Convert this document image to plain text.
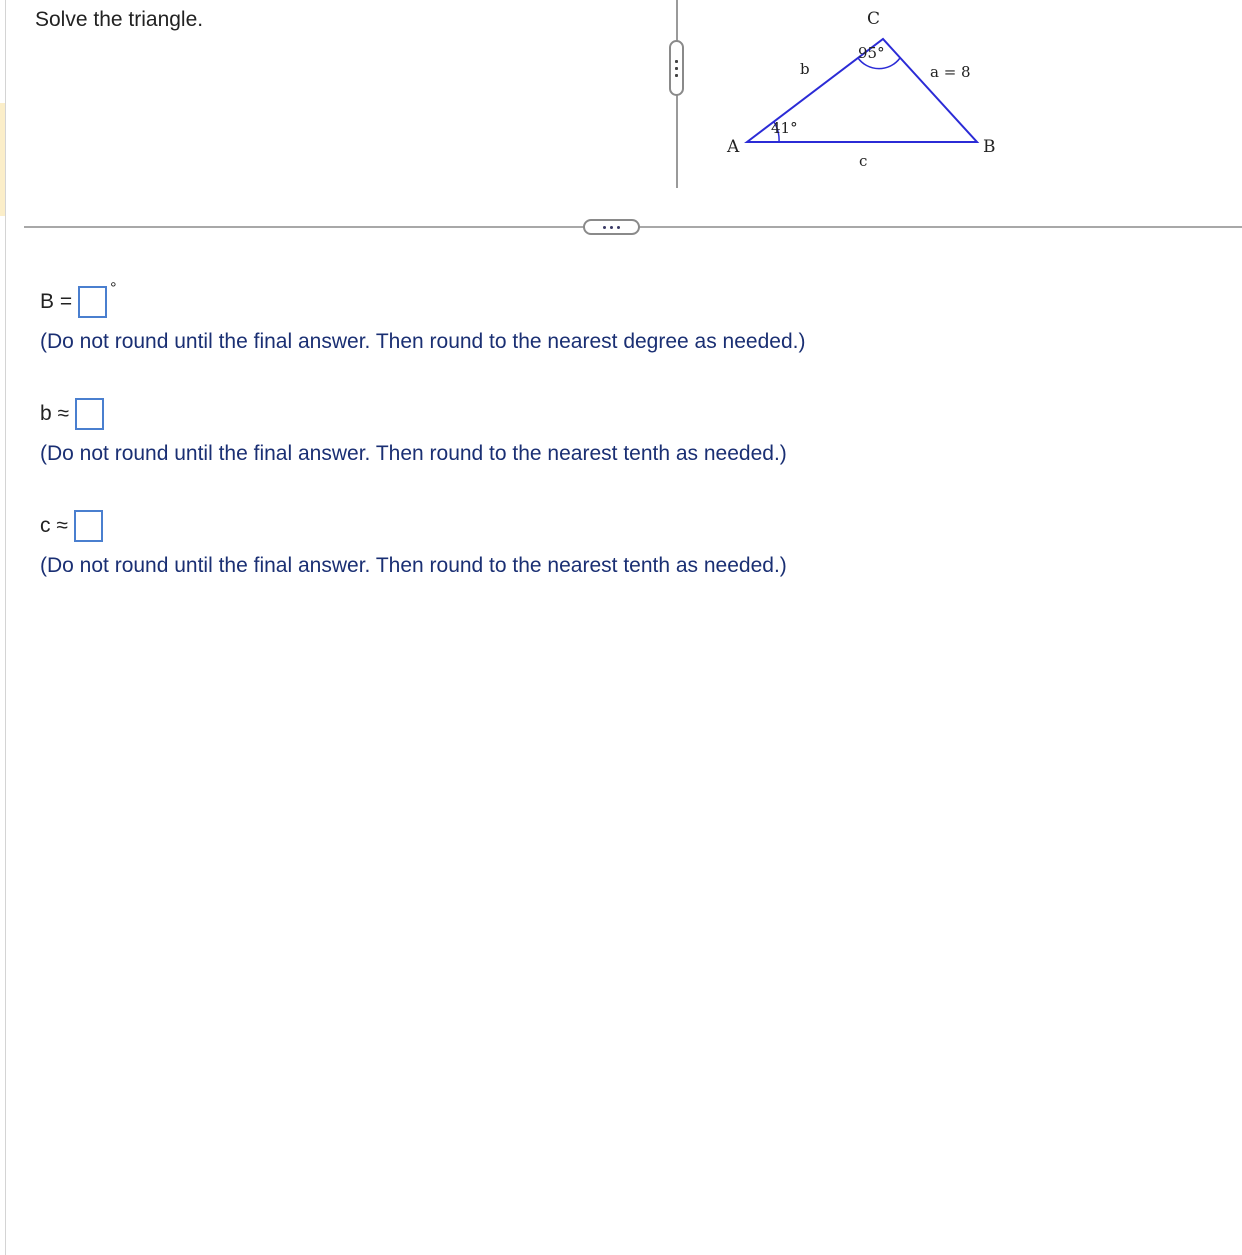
Solve the triangle.
A	B
C
b	a = 8
c
41°
95°
B =
°
(Do not round until the final answer. Then round to the nearest degree as needed.)
b ≈
(Do not round until the final answer. Then round to the nearest tenth as needed.)
c ≈
(Do not round until the final answer. Then round to the nearest tenth as needed.)
